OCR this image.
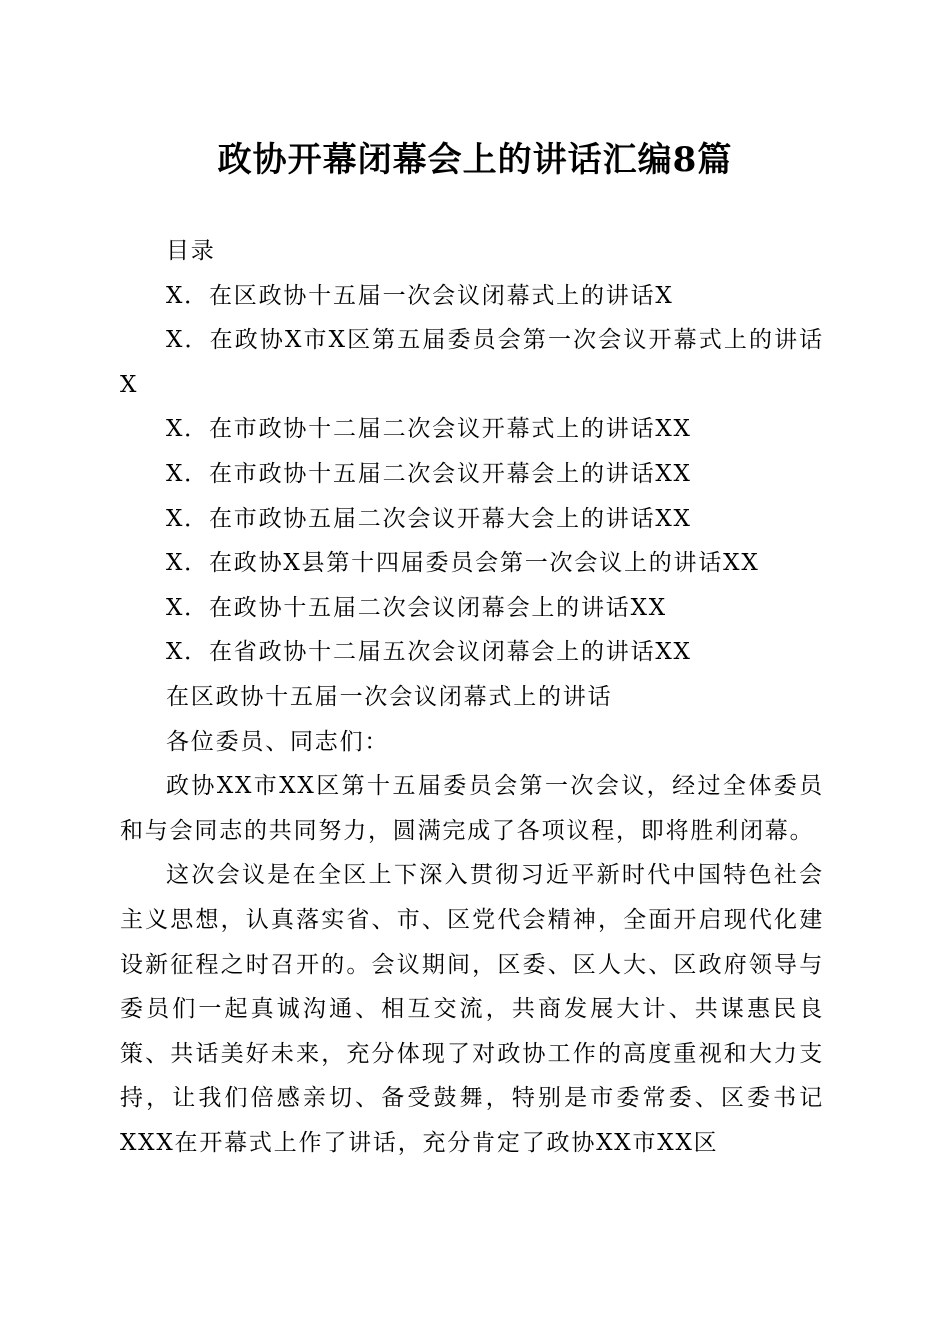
政协开幕闭幕会上的讲话汇编8篇

目录

X．在区政协十五届一次会议闭幕式上的讲话X

X．在政协X市X区第五届委员会第一次会议开幕式上的讲话X

X．在市政协十二届二次会议开幕式上的讲话XX

X．在市政协十五届二次会议开幕会上的讲话XX

X．在市政协五届二次会议开幕大会上的讲话XX

X．在政协X县第十四届委员会第一次会议上的讲话XX

X．在政协十五届二次会议闭幕会上的讲话XX

X．在省政协十二届五次会议闭幕会上的讲话XX

在区政协十五届一次会议闭幕式上的讲话

各位委员、同志们：

政协XX市XX区第十五届委员会第一次会议，经过全体委员和与会同志的共同努力，圆满完成了各项议程，即将胜利闭幕。

这次会议是在全区上下深入贯彻习近平新时代中国特色社会主义思想，认真落实省、市、区党代会精神，全面开启现代化建设新征程之时召开的。会议期间，区委、区人大、区政府领导与委员们一起真诚沟通、相互交流，共商发展大计、共谋惠民良策、共话美好未来，充分体现了对政协工作的高度重视和大力支持，让我们倍感亲切、备受鼓舞，特别是市委常委、区委书记XXX在开幕式上作了讲话，充分肯定了政协XX市XX区
